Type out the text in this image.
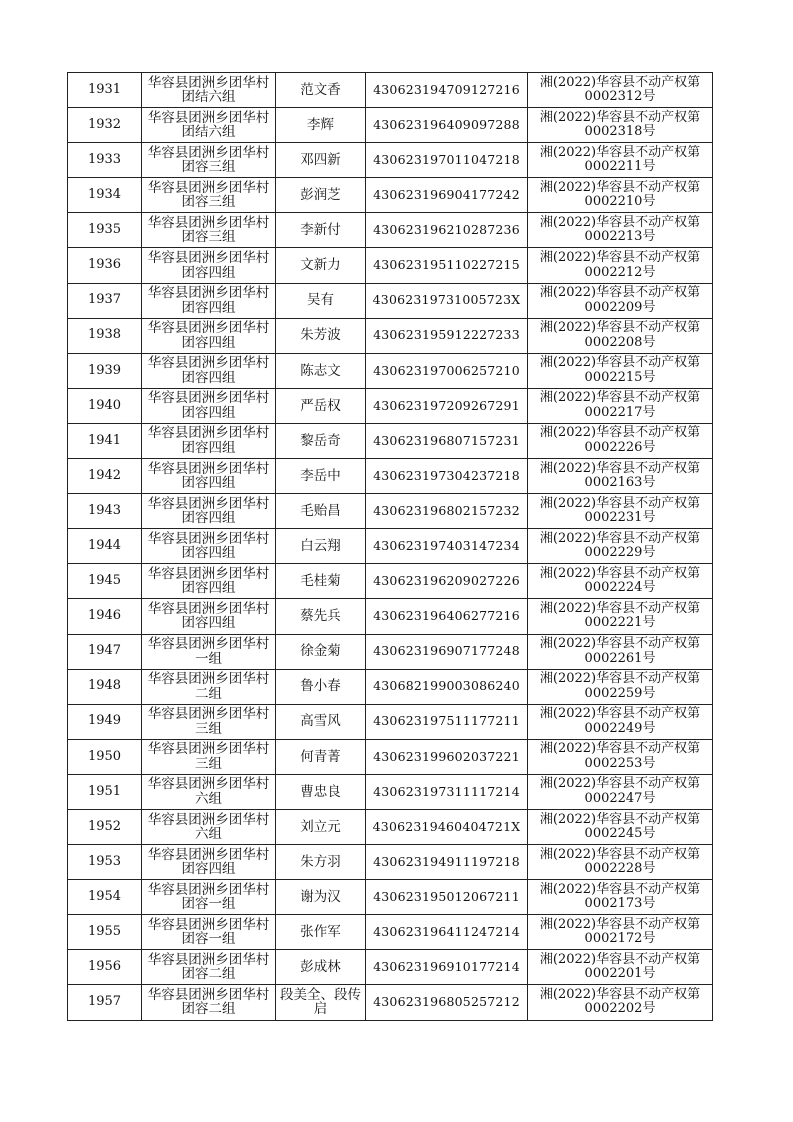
1931	华容县团洲乡团华村团结六组	范文香	430623194709127216	湘(2022)华容县不动产权第
0002312号

1932	华容县团洲乡团华村团结六组	李辉	430623196409097288	湘(2022)华容县不动产权第
0002318号

1933	华容县团洲乡团华村团容三组	邓四新	430623197011047218	湘(2022)华容县不动产权第
0002211号

1934	华容县团洲乡团华村团容三组	彭润芝	430623196904177242	湘(2022)华容县不动产权第
0002210号

1935	华容县团洲乡团华村团容三组	李新付	430623196210287236	湘(2022)华容县不动产权第
0002213号

1936	华容县团洲乡团华村团容四组	文新力	430623195110227215	湘(2022)华容县不动产权第
0002212号

1937	华容县团洲乡团华村团容四组	吴有	43062319731005723X	湘(2022)华容县不动产权第
0002209号

1938	华容县团洲乡团华村团容四组	朱芳波	430623195912227233	湘(2022)华容县不动产权第
0002208号

1939	华容县团洲乡团华村团容四组	陈志文	430623197006257210	湘(2022)华容县不动产权第
0002215号

1940	华容县团洲乡团华村团容四组	严岳权	430623197209267291	湘(2022)华容县不动产权第
0002217号

1941	华容县团洲乡团华村团容四组	黎岳奇	430623196807157231	湘(2022)华容县不动产权第
0002226号

1942	华容县团洲乡团华村团容四组	李岳中	430623197304237218	湘(2022)华容县不动产权第
0002163号

1943	华容县团洲乡团华村团容四组	毛贻昌	430623196802157232	湘(2022)华容县不动产权第
0002231号

1944	华容县团洲乡团华村团容四组	白云翔	430623197403147234	湘(2022)华容县不动产权第
0002229号

1945	华容县团洲乡团华村团容四组	毛桂菊	430623196209027226	湘(2022)华容县不动产权第
0002224号

1946	华容县团洲乡团华村团容四组	蔡先兵	430623196406277216	湘(2022)华容县不动产权第
0002221号

1947	华容县团洲乡团华村一组	徐金菊	430623196907177248	湘(2022)华容县不动产权第
0002261号

1948	华容县团洲乡团华村二组	鲁小春	430682199003086240	湘(2022)华容县不动产权第
0002259号

1949	华容县团洲乡团华村三组	高雪风	430623197511177211	湘(2022)华容县不动产权第
0002249号

1950	华容县团洲乡团华村三组	何青菁	430623199602037221	湘(2022)华容县不动产权第
0002253号

1951	华容县团洲乡团华村六组	曹忠良	430623197311117214	湘(2022)华容县不动产权第
0002247号

1952	华容县团洲乡团华村六组	刘立元	43062319460404721X	湘(2022)华容县不动产权第
0002245号

1953	华容县团洲乡团华村团容四组	朱方羽	430623194911197218	湘(2022)华容县不动产权第
0002228号

1954	华容县团洲乡团华村团容一组	谢为汉	430623195012067211	湘(2022)华容县不动产权第
0002173号

1955	华容县团洲乡团华村团容一组	张作军	430623196411247214	湘(2022)华容县不动产权第
0002172号

1956	华容县团洲乡团华村团容二组	彭成林	430623196910177214	湘(2022)华容县不动产权第
0002201号

1957	华容县团洲乡团华村团容二组	段美全、段传启	430623196805257212	湘(2022)华容县不动产权第
0002202号
